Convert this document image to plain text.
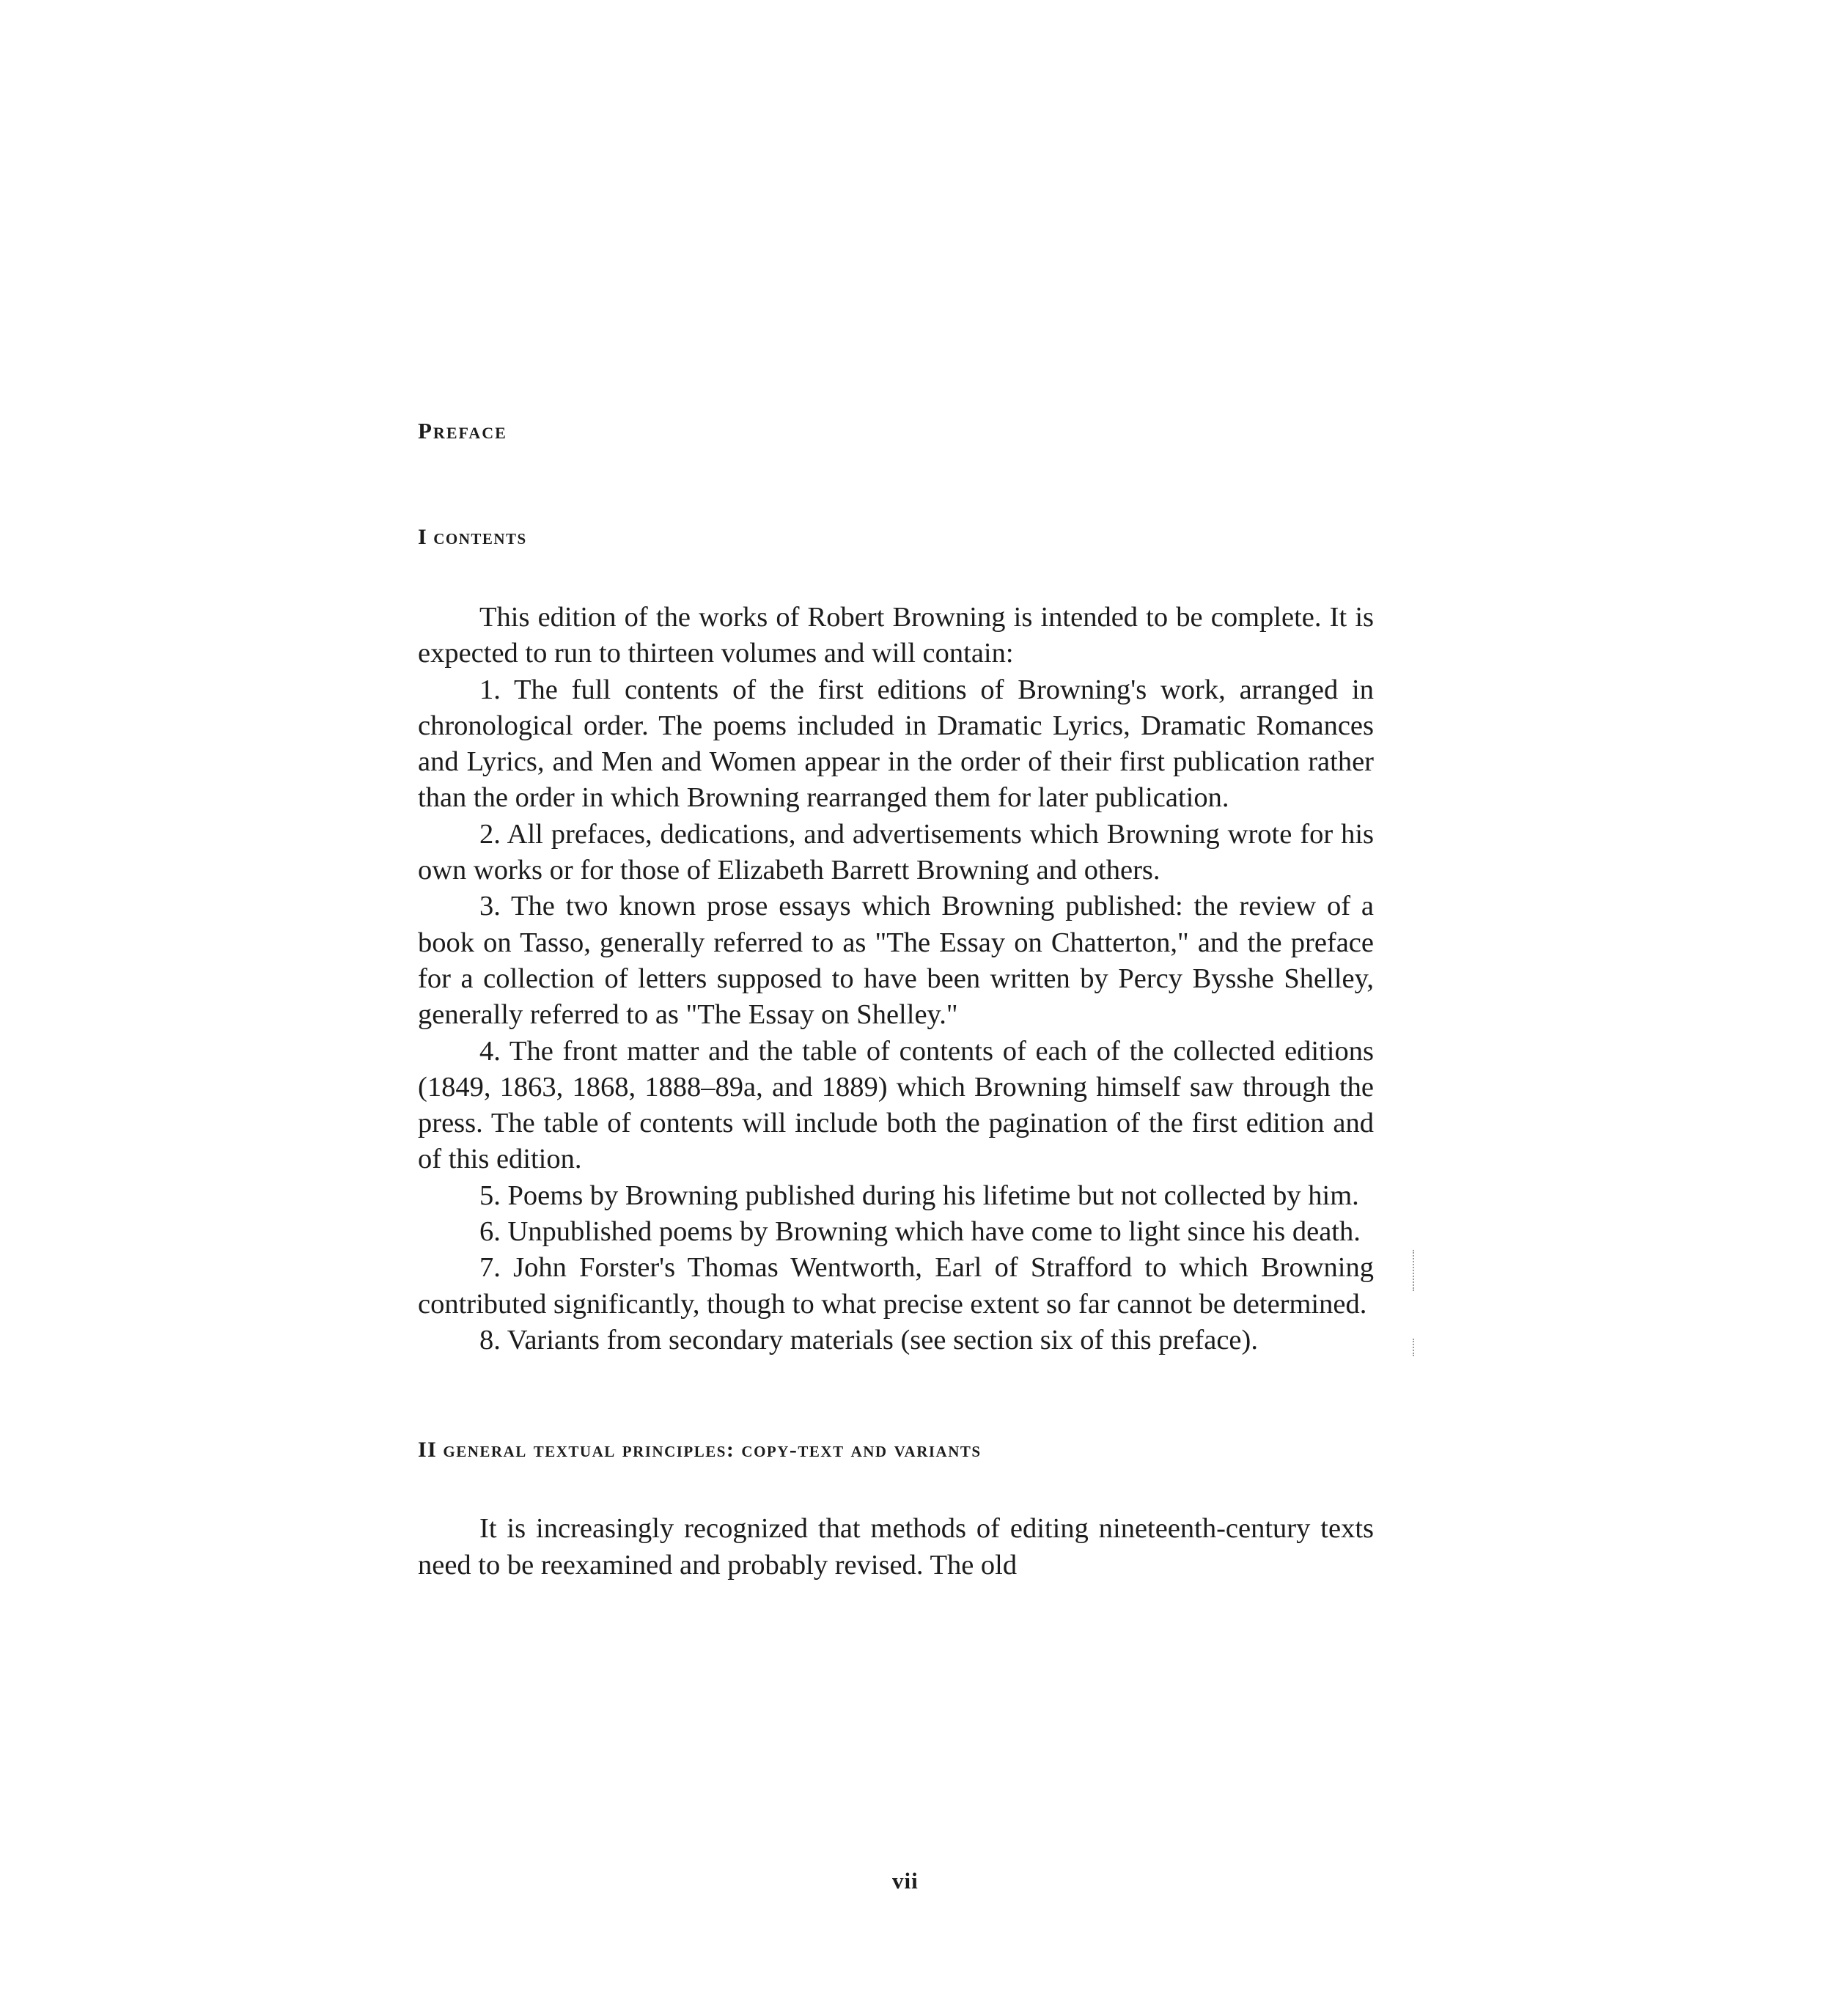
Preface
I contents

This edition of the works of Robert Browning is intended to be complete. It is expected to run to thirteen volumes and will contain:

1. The full contents of the first editions of Browning's work, arranged in chronological order. The poems included in Dramatic Lyrics, Dramatic Romances and Lyrics, and Men and Women appear in the order of their first publication rather than the order in which Browning rearranged them for later publication.

2. All prefaces, dedications, and advertisements which Browning wrote for his own works or for those of Elizabeth Barrett Browning and others.

3. The two known prose essays which Browning published: the review of a book on Tasso, generally referred to as "The Essay on Chatterton," and the preface for a collection of letters supposed to have been written by Percy Bysshe Shelley, generally referred to as "The Essay on Shelley."

4. The front matter and the table of contents of each of the collected editions (1849, 1863, 1868, 1888–89a, and 1889) which Browning himself saw through the press. The table of contents will include both the pagination of the first edition and of this edition.

5. Poems by Browning published during his lifetime but not collected by him.

6. Unpublished poems by Browning which have come to light since his death.

7. John Forster's Thomas Wentworth, Earl of Strafford to which Browning contributed significantly, though to what precise extent so far cannot be determined.

8. Variants from secondary materials (see section six of this preface).

II general textual principles: copy-text and variants

It is increasingly recognized that methods of editing nineteenth-century texts need to be reexamined and probably revised. The old

vii
